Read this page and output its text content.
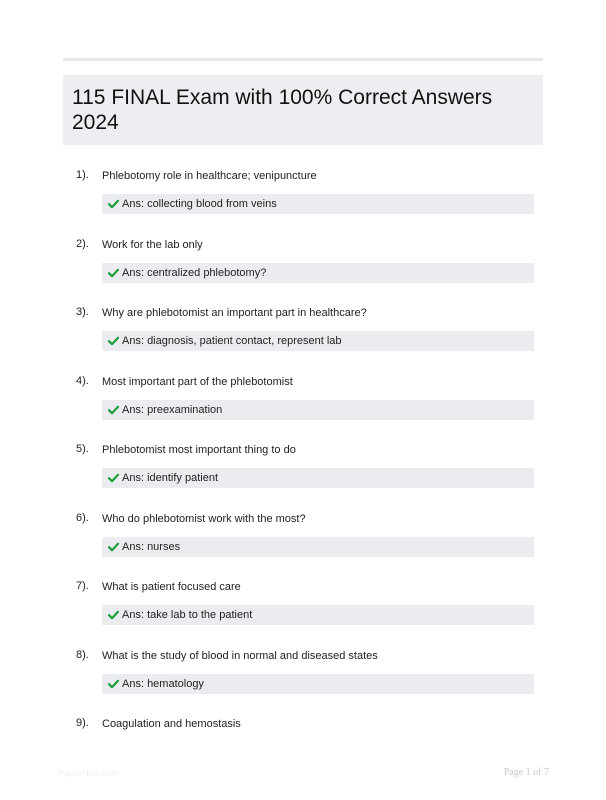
115 FINAL Exam with 100% Correct Answers 2024
1). Phlebotomy role in healthcare; venipuncture
Ans: collecting blood from veins
2). Work for the lab only
Ans: centralized phlebotomy?
3). Why are phlebotomist an important part in healthcare?
Ans: diagnosis, patient contact, represent lab
4). Most important part of the phlebotomist
Ans: preexamination
5). Phlebotomist most important thing to do
Ans: identify patient
6). Who do phlebotomist work with the most?
Ans: nurses
7). What is patient focused care
Ans: take lab to the patient
8). What is the study of blood in normal and diseased states
Ans: hematology
9). Coagulation and hemostasis
PaperNow.com	Page 1 of 7
